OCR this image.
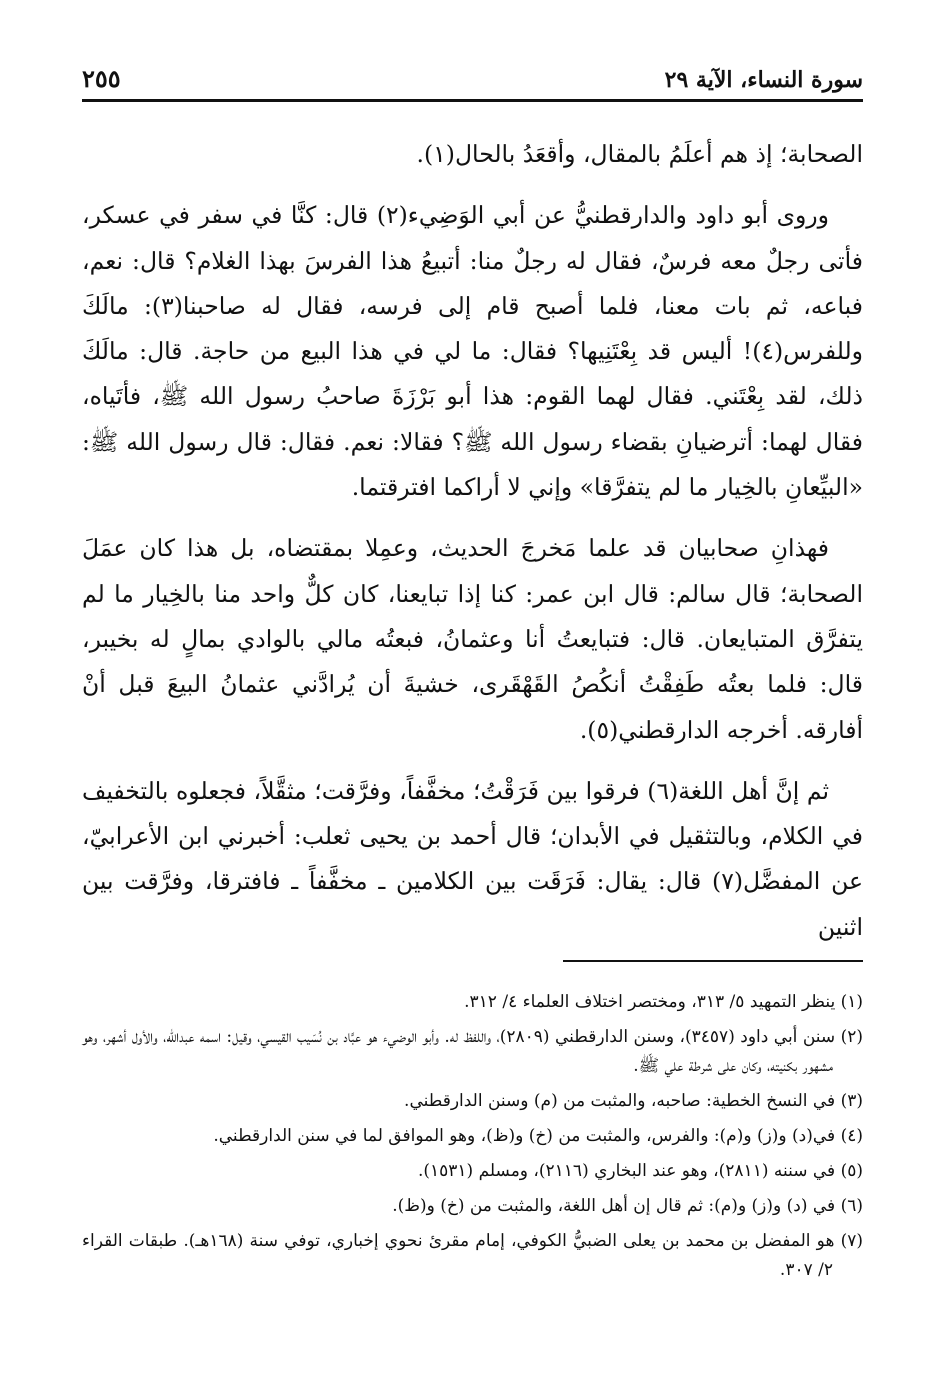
سورة النساء، الآية ٢٩
٢٥٥

الصحابة؛ إذ هم أعلَمُ بالمقال، وأقعَدُ بالحال(١).

وروى أبو داود والدارقطنيُّ عن أبي الوَضِيء(٢) قال: كنَّا في سفر في عسكر، فأتى رجلٌ معه فرسٌ، فقال له رجلٌ منا: أتبيعُ هذا الفرسَ بهذا الغلام؟ قال: نعم، فباعه، ثم بات معنا، فلما أصبح قام إلى فرسه، فقال له صاحبنا(٣): مالَكَ وللفرس(٤)! أليس قد بِعْتَنِيها؟ فقال: ما لي في هذا البيع من حاجة. قال: مالَكَ ذلك، لقد بِعْتَني. فقال لهما القوم: هذا أبو بَرْزَةَ صاحبُ رسول الله ﷺ، فأتَياه، فقال لهما: أترضيانِ بقضاء رسول الله ﷺ؟ فقالا: نعم. فقال: قال رسول الله ﷺ: «البيِّعانِ بالخِيار ما لم يتفرَّقا» وإني لا أراكما افترقتما.

فهذانِ صحابيان قد علما مَخرجَ الحديث، وعمِلا بمقتضاه، بل هذا كان عمَلَ الصحابة؛ قال سالم: قال ابن عمر: كنا إذا تبايعنا، كان كلٌّ واحد منا بالخِيار ما لم يتفرَّق المتبايعان. قال: فتبايعتُ أنا وعثمانُ، فبعتُه مالي بالوادي بمالٍ له بخيبر، قال: فلما بعتُه طَفِقْتُ أنكُصُ القَهْقَرى، خشيةَ أن يُرادَّني عثمانُ البيعَ قبل أنْ أفارقه. أخرجه الدارقطني(٥).

ثم إنَّ أهل اللغة(٦) فرقوا بين فَرَقْتُ؛ مخفَّفاً، وفرَّقت؛ مثقَّلاً، فجعلوه بالتخفيف في الكلام، وبالتثقيل في الأبدان؛ قال أحمد بن يحيى ثعلب: أخبرني ابن الأعرابيّ، عن المفضَّل(٧) قال: يقال: فَرَقَت بين الكلامين ـ مخفَّفاً ـ فافترقا، وفرَّقت بين اثنين

(١) ينظر التمهيد ٥/ ٣١٣، ومختصر اختلاف العلماء ٤/ ٣١٢.

(٢) سنن أبي داود (٣٤٥٧)، وسنن الدارقطني (٢٨٠٩)، واللفظ له. وأبو الوضيء هو عبَّاد بن نُسَيب القيسي، وقيل: اسمه عبدالله، والأول أشهر، وهو مشهور بكنيته، وكان على شرطة علي ﷺ.

(٣) في النسخ الخطية: صاحبه، والمثبت من (م) وسنن الدارقطني.

(٤) في(د) و(ز) و(م): والفرس، والمثبت من (خ) و(ظ)، وهو الموافق لما في سنن الدارقطني.

(٥) في سننه (٢٨١١)، وهو عند البخاري (٢١١٦)، ومسلم (١٥٣١).

(٦) في (د) و(ز) و(م): ثم قال إن أهل اللغة، والمثبت من (خ) و(ظ).

(٧) هو المفضل بن محمد بن يعلى الضبيُّ الكوفي، إمام مقرئ نحوي إخباري، توفي سنة (١٦٨هـ). طبقات القراء ٢/ ٣٠٧.
